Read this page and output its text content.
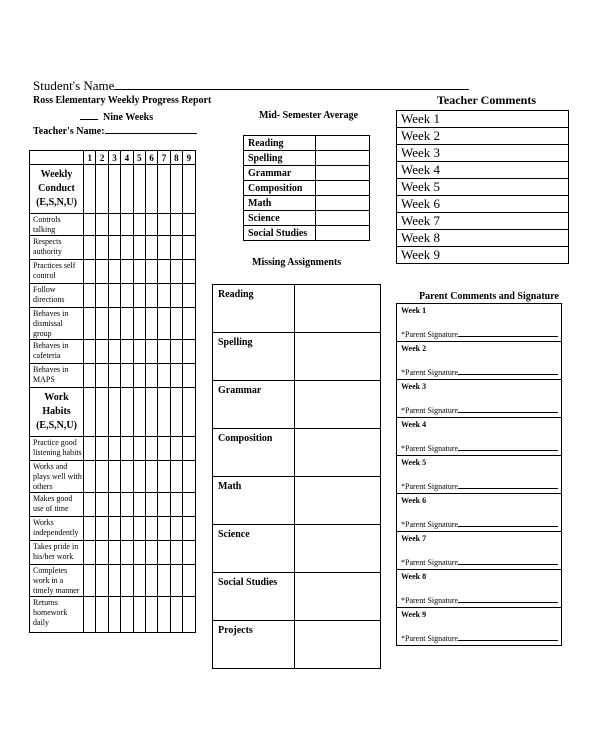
Student's Name
Ross Elementary Weekly Progress Report
Nine Weeks
Teacher's Name:
	1	2	3	4	5	6	7	8	9

Weekly
Conduct
(E,S,N,U)									

Controls talking									
Respects authority									
Practices self control									
Follow directions									
Behaves in dismissal group									
Behaves in cafeteria									
Behaves in MAPS									

Work
Habits
(E,S,N,U)									

Practice good listening habits									
Works and plays well with others									
Makes good use of time									
Works independently									
Takes pride in his/her work									
Completes work in a timely manner									
Returns homework daily									
Mid- Semester Average
Reading	
Spelling	
Grammar	
Composition	
Math	
Science	
Social Studies	
Missing Assignments
Reading	
Spelling	
Grammar	
Composition	
Math	
Science	
Social Studies	
Projects	
Teacher Comments
Week 1
Week 2
Week 3
Week 4
Week 5
Week 6
Week 7
Week 8
Week 9
Parent Comments and Signature
Week 1
*Parent Signature

Week 2
*Parent Signature

Week 3
*Parent Signature

Week 4
*Parent Signature

Week 5
*Parent Signature

Week 6
*Parent Signature

Week 7
*Parent Signature

Week 8
*Parent Signature

Week 9
*Parent Signature
